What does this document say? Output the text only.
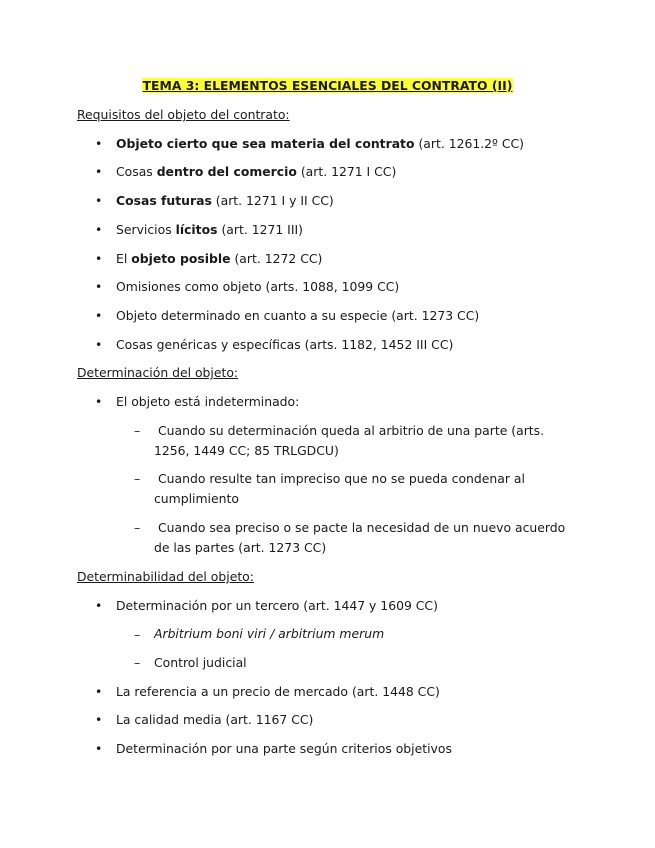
TEMA 3: ELEMENTOS ESENCIALES DEL CONTRATO (II)
Requisitos del objeto del contrato:
• Objeto cierto que sea materia del contrato (art. 1261.2º CC)
• Cosas dentro del comercio (art. 1271 I CC)
• Cosas futuras (art. 1271 I y II CC)
• Servicios lícitos (art. 1271 III)
• El objeto posible (art. 1272 CC)
• Omisiones como objeto (arts. 1088, 1099 CC)
• Objeto determinado en cuanto a su especie (art. 1273 CC)
• Cosas genéricas y específicas (arts. 1182, 1452 III CC)
Determinación del objeto:
• El objeto está indeterminado:
–	Cuando su determinación queda al arbitrio de una parte (arts. 1256, 1449 CC; 85 TRLGDCU)
–	Cuando resulte tan impreciso que no se pueda condenar al cumplimiento
–	Cuando sea preciso o se pacte la necesidad de un nuevo acuerdo de las partes (art. 1273 CC)
Determinabilidad del objeto:
• Determinación por un tercero (art. 1447 y 1609 CC)
– Arbitrium boni viri / arbitrium merum
– Control judicial
• La referencia a un precio de mercado (art. 1448 CC)
• La calidad media (art. 1167 CC)
• Determinación por una parte según criterios objetivos
